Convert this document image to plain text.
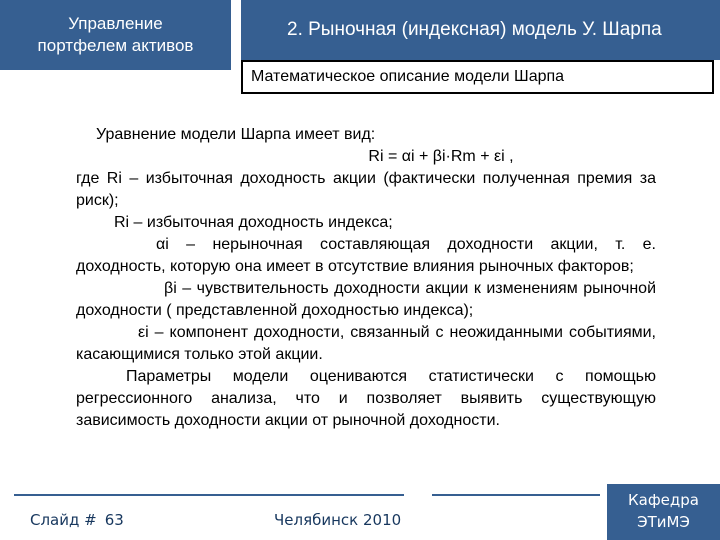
Управление
портфелем активов
2. Рыночная (индексная) модель У. Шарпа
Математическое описание модели Шарпа

Уравнение модели Шарпа имеет вид:

Ri = αi + βi·Rm + εi ,

где Ri – избыточная доходность акции (фактически полученная премия за риск);

Ri – избыточная доходность индекса;

αi – нерыночная составляющая доходности акции, т. е. доходность, которую она имеет в отсутствие влияния рыночных факторов;

βi – чувствительность доходности акции к изменениям рыночной доходности ( представленной доходностью индекса);

εi – компонент доходности, связанный с неожиданными событиями, касающимися только этой акции.

Параметры модели оцениваются статистически с помощью регрессионного анализа, что и позволяет выявить существующую зависимость доходности акции от рыночной доходности.

Слайд # 63	Челябинск 2010
Кафедра
ЭТиМЭ
